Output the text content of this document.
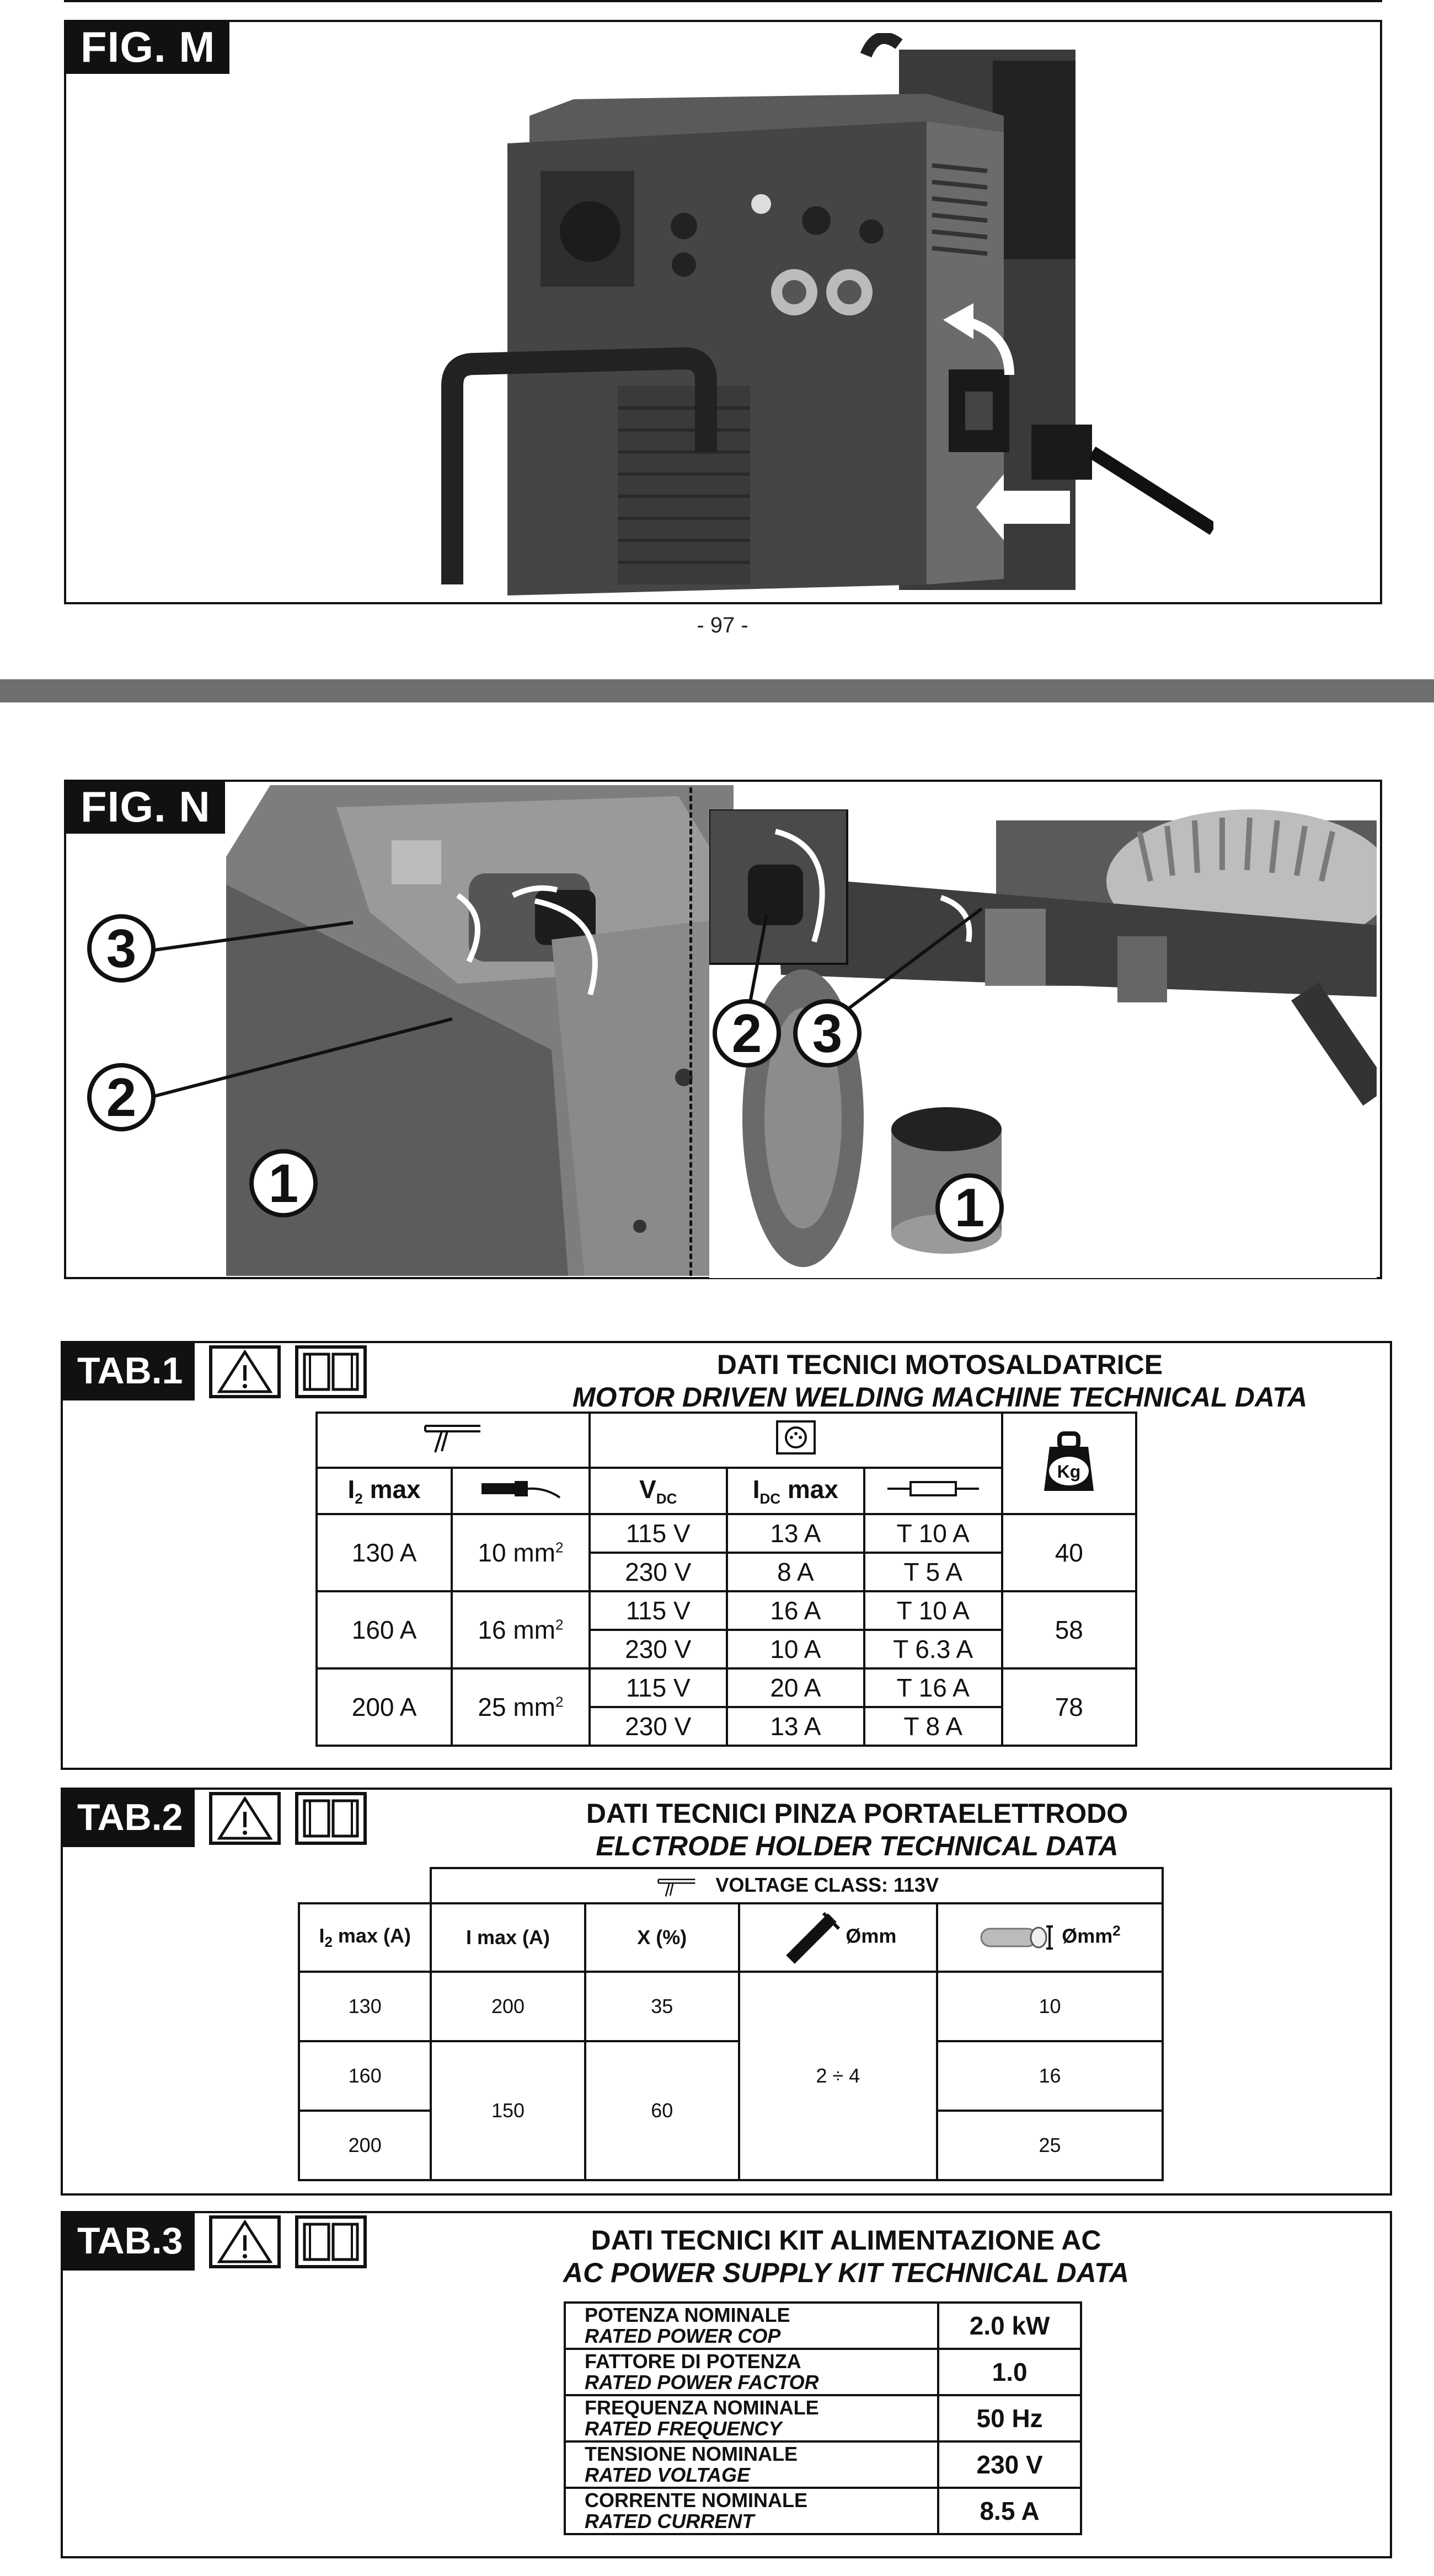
FIG. M
- 97 -
3
2
1
2 3
1
FIG. N
TAB.1	DATI TECNICI MOTOSALDATRICE
MOTOR DRIVEN WELDING MACHINE TECHNICAL DATA

Kg

$I_2$ max		$V_{DC}$	$I_{DC}$ max	
130 A	10 $mm^2$	115 V	13 A	T 10 A	40
		230 V	8 A	T 5 A	
160 A	16 $mm^2$	115 V	16 A	T 10 A	58
		230 V	10 A	T 6.3 A	
200 A	25 $mm^2$	115 V	20 A	T 16 A	78
		230 V	13 A	T 8 A	
TAB.2	DATI TECNICI PINZA PORTAELETTRODO
ELCTRODE HOLDER TECHNICAL DATA
	VOLTAGE CLASS: 113V			
$I_2$ max (A)	I max (A)	X (%)	Ømm	Ømm$^2$
130	200	35	2 ÷ 4	10
160	150	60		16
200				25
TAB.3	DATI TECNICI KIT ALIMENTAZIONE AC
AC POWER SUPPLY KIT TECHNICAL DATA
POTENZA NOMINALE
RATED POWER COP	2.0 kW
FATTORE DI POTENZA
RATED POWER FACTOR	1.0
FREQUENZA NOMINALE
RATED FREQUENCY	50 Hz
TENSIONE NOMINALE
RATED VOLTAGE	230 V
CORRENTE NOMINALE
RATED CURRENT	8.5 A
